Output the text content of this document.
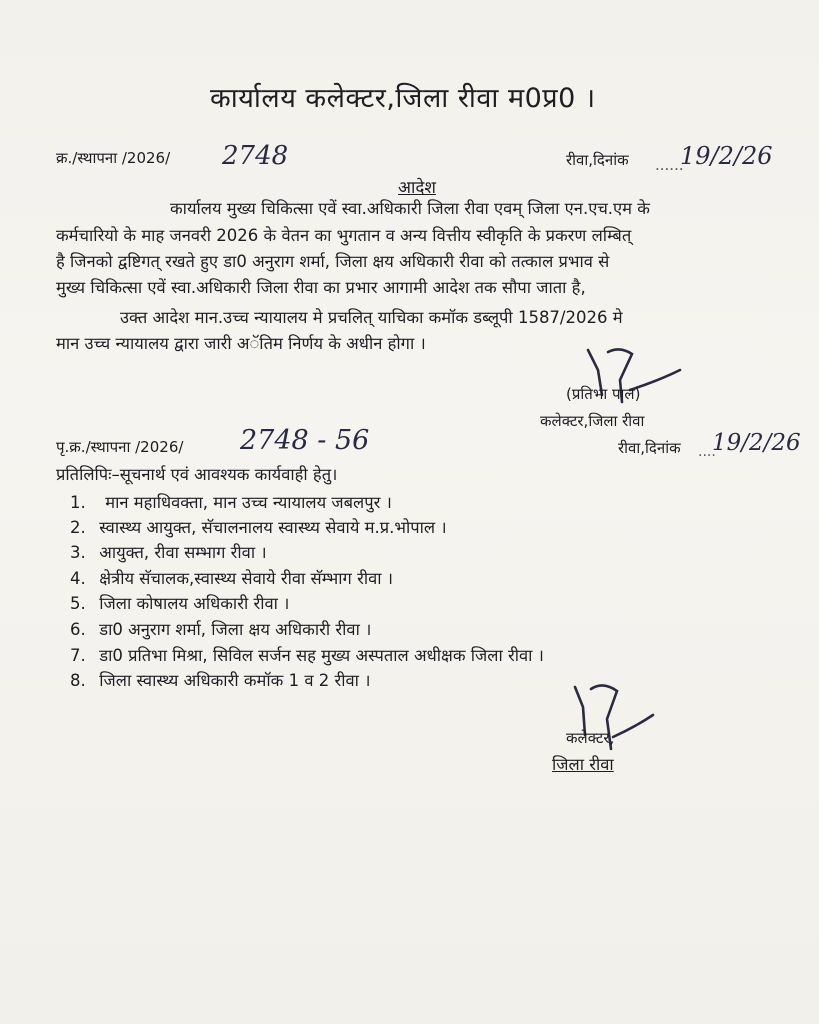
कार्यालय कलेक्टर,जिला रीवा म0प्र0 ।
क्र./स्थापना /2026/ 2748	रीवा,दिनांक ......
19/2/26
आदेश
कार्यालय मुख्य चिकित्सा एवें स्वा.अधिकारी जिला रीवा एवम् जिला एन.एच.एम के
कर्मचारियो के माह जनवरी 2026 के वेतन का भुगतान व अन्य वित्तीय स्वीकृति के प्रकरण लम्बित्
है जिनको द्वष्टिगत् रखते हुए डा0 अनुराग शर्मा, जिला क्षय अधिकारी रीवा को तत्काल प्रभाव से
मुख्य चिकित्सा एवें स्वा.अधिकारी जिला रीवा का प्रभार आगामी आदेश तक सौपा जाता है,
उक्त आदेश मान.उच्च न्यायालय मे प्रचलित् याचिका कमॉक डब्लूपी 1587/2026 मे
मान उच्च न्यायालय द्वारा जारी अॅतिम निर्णय के अधीन होगा ।
(प्रतिभा पाल)
कलेक्टर,जिला रीवा
रीवा,दिनांक ....
19/2/26
पृ.क्र./स्थापना /2026/ 2748 - 56
प्रतिलिपिः–सूचनार्थ एवं आवश्यक कार्यवाही हेतु।
1. मान महाधिवक्ता, मान उच्च न्यायालय जबलपुर ।
2. स्वास्थ्य आयुक्त, सॅचालनालय स्वास्थ्य सेवाये म.प्र.भोपाल ।
3. आयुक्त, रीवा सम्भाग रीवा ।
4. क्षेत्रीय सॅचालक,स्वास्थ्य सेवाये रीवा सॅम्भाग रीवा ।
5. जिला कोषालय अधिकारी रीवा ।
6. डा0 अनुराग शर्मा, जिला क्षय अधिकारी रीवा ।
7. डा0 प्रतिभा मिश्रा, सिविल सर्जन सह मुख्य अस्पताल अधीक्षक जिला रीवा ।
8. जिला स्वास्थ्य अधिकारी कमॉक 1 व 2 रीवा ।
कलेक्टर,
जिला रीवा
